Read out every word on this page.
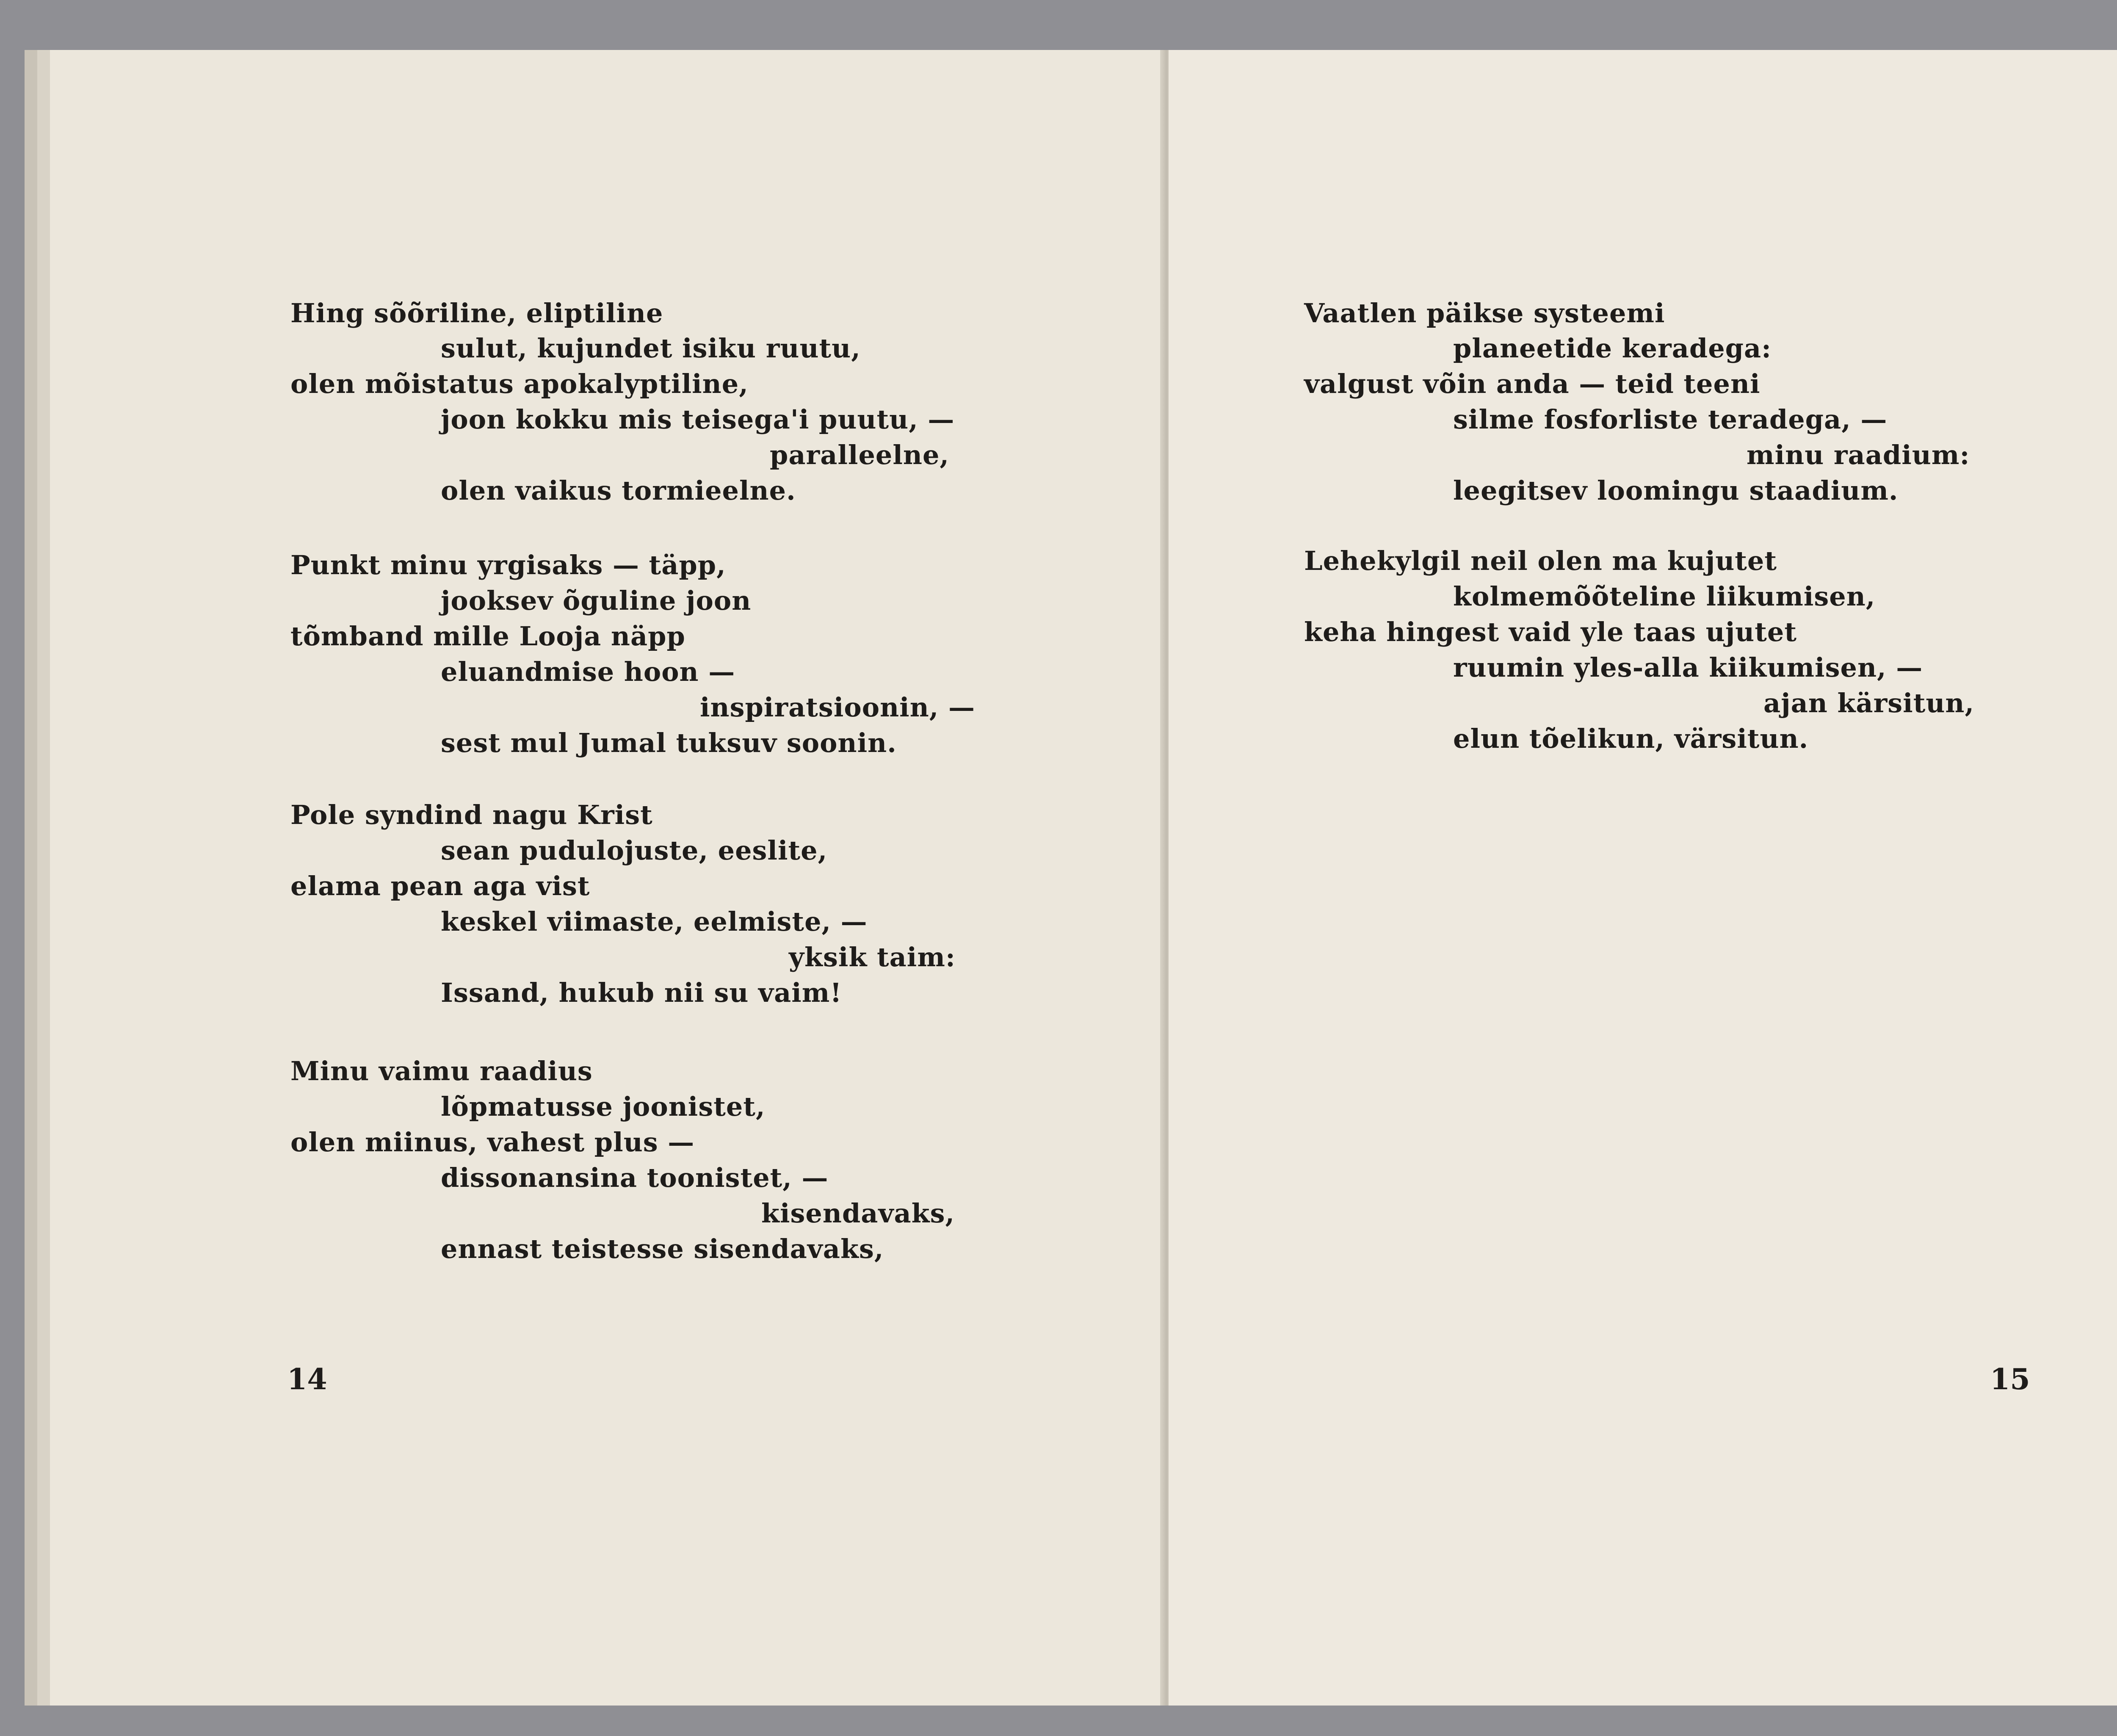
Hing sõõriline, eliptiline
sulut, kujundet isiku ruutu,
olen mõistatus apokalyptiline,
joon kokku mis teisega'i puutu, —
paralleelne,
olen vaikus tormieelne.
Punkt minu yrgisaks — täpp,
jooksev õguline joon
tõmband mille Looja näpp
eluandmise hoon —
inspiratsioonin, —
sest mul Jumal tuksuv soonin.
Pole syndind nagu Krist
sean pudulojuste, eeslite,
elama pean aga vist
keskel viimaste, eelmiste, —
yksik taim:
Issand, hukub nii su vaim!
Minu vaimu raadius
lõpmatusse joonistet,
olen miinus, vahest plus —
dissonansina toonistet, —
kisendavaks,
ennast teistesse sisendavaks,
14
Vaatlen päikse systeemi
planeetide keradega:
valgust võin anda — teid teeni
silme fosforliste teradega, —
minu raadium:
leegitsev loomingu staadium.
Lehekylgil neil olen ma kujutet
kolmemõõteline liikumisen,
keha hingest vaid yle taas ujutet
ruumin yles-alla kiikumisen, —
ajan kärsitun,
elun tõelikun, värsitun.
15
